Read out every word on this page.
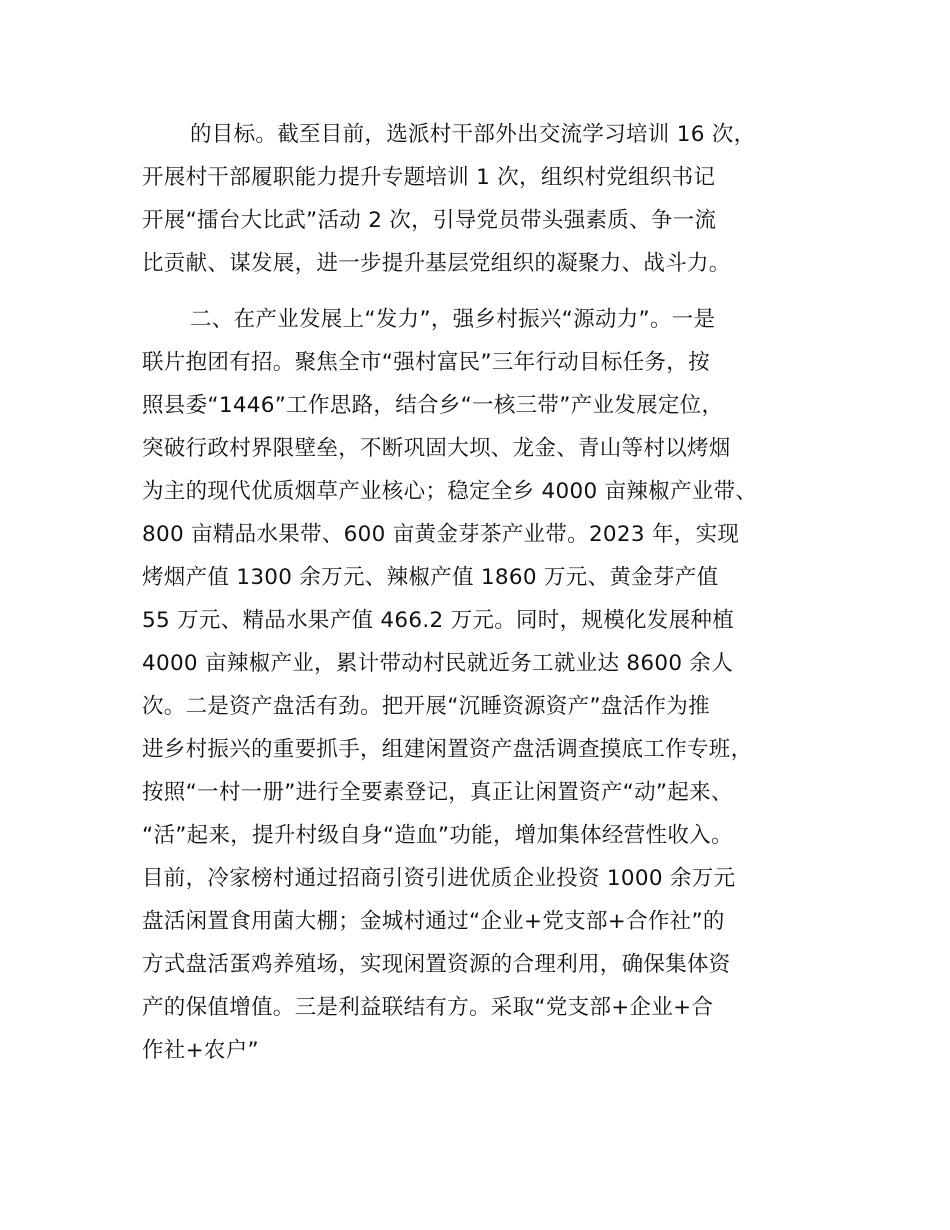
的目标。截至目前，选派村干部外出交流学习培训 16 次，
开展村干部履职能力提升专题培训 1 次，组织村党组织书记
开展“擂台大比武”活动 2 次，引导党员带头强素质、争一流
比贡献、谋发展，进一步提升基层党组织的凝聚力、战斗力。
二、在产业发展上“发力”，强乡村振兴“源动力”。一是
联片抱团有招。聚焦全市“强村富民”三年行动目标任务，按
照县委“1446”工作思路，结合乡“一核三带”产业发展定位，
突破行政村界限壁垒，不断巩固大坝、龙金、青山等村以烤烟
为主的现代优质烟草产业核心；稳定全乡 4000 亩辣椒产业带、
800 亩精品水果带、600 亩黄金芽茶产业带。2023 年，实现
烤烟产值 1300 余万元、辣椒产值 1860 万元、黄金芽产值
55 万元、精品水果产值 466.2 万元。同时，规模化发展种植
4000 亩辣椒产业，累计带动村民就近务工就业达 8600 余人
次。二是资产盘活有劲。把开展“沉睡资源资产”盘活作为推
进乡村振兴的重要抓手，组建闲置资产盘活调查摸底工作专班，
按照“一村一册”进行全要素登记，真正让闲置资产“动”起来、
“活”起来，提升村级自身“造血”功能，增加集体经营性收入。
目前，冷家榜村通过招商引资引进优质企业投资 1000 余万元
盘活闲置食用菌大棚；金城村通过“企业+党支部+合作社”的
方式盘活蛋鸡养殖场，实现闲置资源的合理利用，确保集体资
产的保值增值。三是利益联结有方。采取“党支部+企业+合
作社+农户”
